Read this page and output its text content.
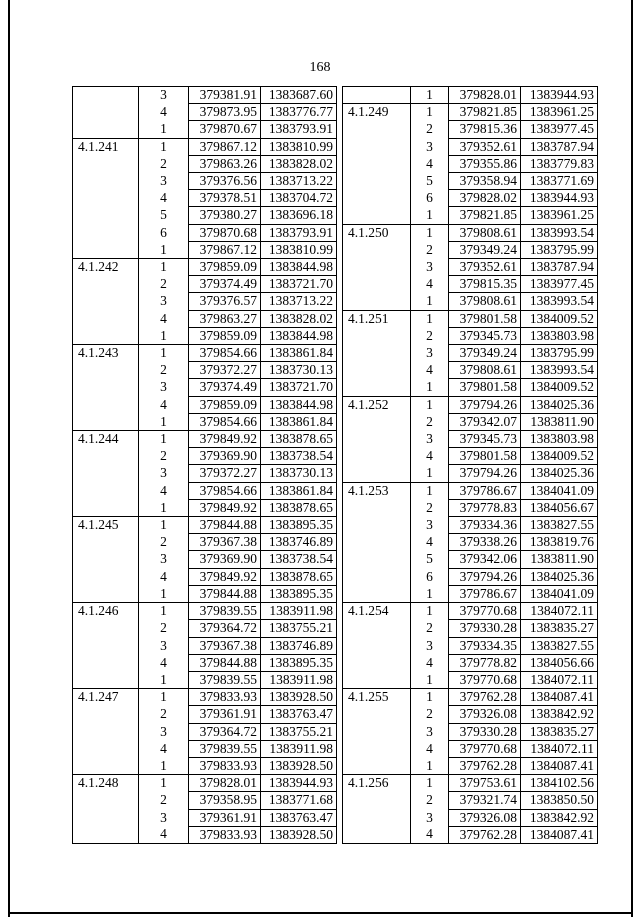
168
	3	379381.91	1383687.60
	4	379873.95	1383776.77
	1	379870.67	1383793.91
4.1.241	1	379867.12	1383810.99
	2	379863.26	1383828.02
	3	379376.56	1383713.22
	4	379378.51	1383704.72
	5	379380.27	1383696.18
	6	379870.68	1383793.91
	1	379867.12	1383810.99
4.1.242	1	379859.09	1383844.98
	2	379374.49	1383721.70
	3	379376.57	1383713.22
	4	379863.27	1383828.02
	1	379859.09	1383844.98
4.1.243	1	379854.66	1383861.84
	2	379372.27	1383730.13
	3	379374.49	1383721.70
	4	379859.09	1383844.98
	1	379854.66	1383861.84
4.1.244	1	379849.92	1383878.65
	2	379369.90	1383738.54
	3	379372.27	1383730.13
	4	379854.66	1383861.84
	1	379849.92	1383878.65
4.1.245	1	379844.88	1383895.35
	2	379367.38	1383746.89
	3	379369.90	1383738.54
	4	379849.92	1383878.65
	1	379844.88	1383895.35
4.1.246	1	379839.55	1383911.98
	2	379364.72	1383755.21
	3	379367.38	1383746.89
	4	379844.88	1383895.35
	1	379839.55	1383911.98
4.1.247	1	379833.93	1383928.50
	2	379361.91	1383763.47
	3	379364.72	1383755.21
	4	379839.55	1383911.98
	1	379833.93	1383928.50
4.1.248	1	379828.01	1383944.93
	2	379358.95	1383771.68
	3	379361.91	1383763.47
	4	379833.93	1383928.50
	1	379828.01	1383944.93
4.1.249	1	379821.85	1383961.25
	2	379815.36	1383977.45
	3	379352.61	1383787.94
	4	379355.86	1383779.83
	5	379358.94	1383771.69
	6	379828.02	1383944.93
	1	379821.85	1383961.25
4.1.250	1	379808.61	1383993.54
	2	379349.24	1383795.99
	3	379352.61	1383787.94
	4	379815.35	1383977.45
	1	379808.61	1383993.54
4.1.251	1	379801.58	1384009.52
	2	379345.73	1383803.98
	3	379349.24	1383795.99
	4	379808.61	1383993.54
	1	379801.58	1384009.52
4.1.252	1	379794.26	1384025.36
	2	379342.07	1383811.90
	3	379345.73	1383803.98
	4	379801.58	1384009.52
	1	379794.26	1384025.36
4.1.253	1	379786.67	1384041.09
	2	379778.83	1384056.67
	3	379334.36	1383827.55
	4	379338.26	1383819.76
	5	379342.06	1383811.90
	6	379794.26	1384025.36
	1	379786.67	1384041.09
4.1.254	1	379770.68	1384072.11
	2	379330.28	1383835.27
	3	379334.35	1383827.55
	4	379778.82	1384056.66
	1	379770.68	1384072.11
4.1.255	1	379762.28	1384087.41
	2	379326.08	1383842.92
	3	379330.28	1383835.27
	4	379770.68	1384072.11
	1	379762.28	1384087.41
4.1.256	1	379753.61	1384102.56
	2	379321.74	1383850.50
	3	379326.08	1383842.92
	4	379762.28	1384087.41
